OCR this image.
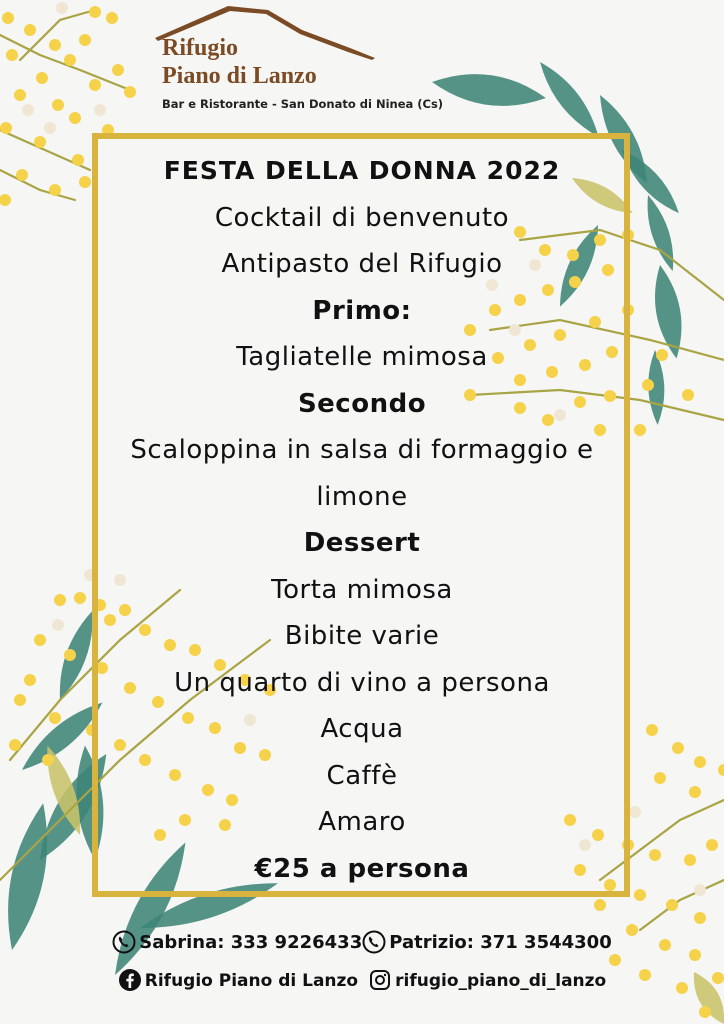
Rifugio
Piano di Lanzo
Bar e Ristorante - San Donato di Ninea (Cs)
FESTA DELLA DONNA 2022
Cocktail di benvenuto
Antipasto del Rifugio
Primo:
Tagliatelle mimosa
Secondo
Scaloppina in salsa di formaggio e
limone
Dessert
Torta mimosa
Bibite varie
Un quarto di vino a persona
Acqua
Caffè
Amaro
€25 a persona
Sabrina: 333 9226433 Patrizio: 371 3544300
Rifugio Piano di Lanzo rifugio_piano_di_lanzo
